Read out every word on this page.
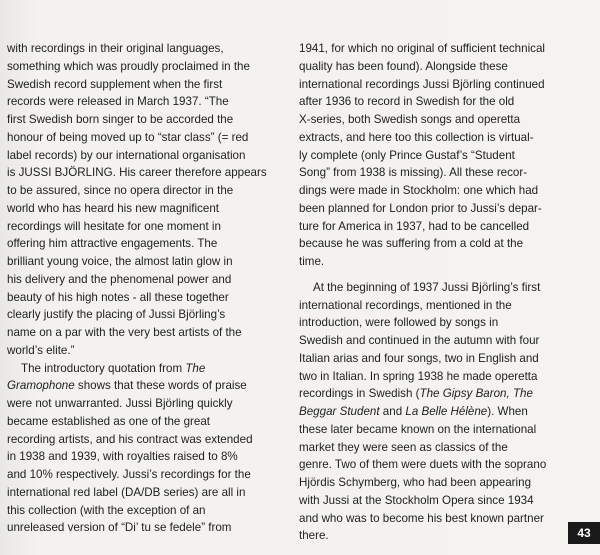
with recordings in their original languages,
something which was proudly proclaimed in the
Swedish record supplement when the first
records were released in March 1937. “The
first Swedish born singer to be accorded the
honour of being moved up to “star class” (= red
label records) by our international organisation
is JUSSI BJÖRLING. His career therefore appears
to be assured, since no opera director in the
world who has heard his new magnificent
recordings will hesitate for one moment in
offering him attractive engagements. The
brilliant young voice, the almost latin glow in
his delivery and the phenomenal power and
beauty of his high notes - all these together
clearly justify the placing of Jussi Björling’s
name on a par with the very best artists of the
world’s elite.”
The introductory quotation from The
Gramophone shows that these words of praise
were not unwarranted. Jussi Björling quickly
became established as one of the great
recording artists, and his contract was extended
in 1938 and 1939, with royalties raised to 8%
and 10% respectively. Jussi’s recordings for the
international red label (DA/DB series) are all in
this collection (with the exception of an
unreleased version of “Di’ tu se fedele” from
1941, for which no original of sufficient technical
quality has been found). Alongside these
international recordings Jussi Björling continued
after 1936 to record in Swedish for the old
X-series, both Swedish songs and operetta
extracts, and here too this collection is virtual-
ly complete (only Prince Gustaf’s “Student
Song” from 1938 is missing). All these recor-
dings were made in Stockholm: one which had
been planned for London prior to Jussi’s depar-
ture for America in 1937, had to be cancelled
because he was suffering from a cold at the
time.
At the beginning of 1937 Jussi Björling’s first
international recordings, mentioned in the
introduction, were followed by songs in
Swedish and continued in the autumn with four
Italian arias and four songs, two in English and
two in Italian. In spring 1938 he made operetta
recordings in Swedish (The Gipsy Baron, The
Beggar Student and La Belle Hélène). When
these later became known on the international
market they were seen as classics of the
genre. Two of them were duets with the soprano
Hjördis Schymberg, who had been appearing
with Jussi at the Stockholm Opera since 1934
and who was to become his best known partner
there.	43
